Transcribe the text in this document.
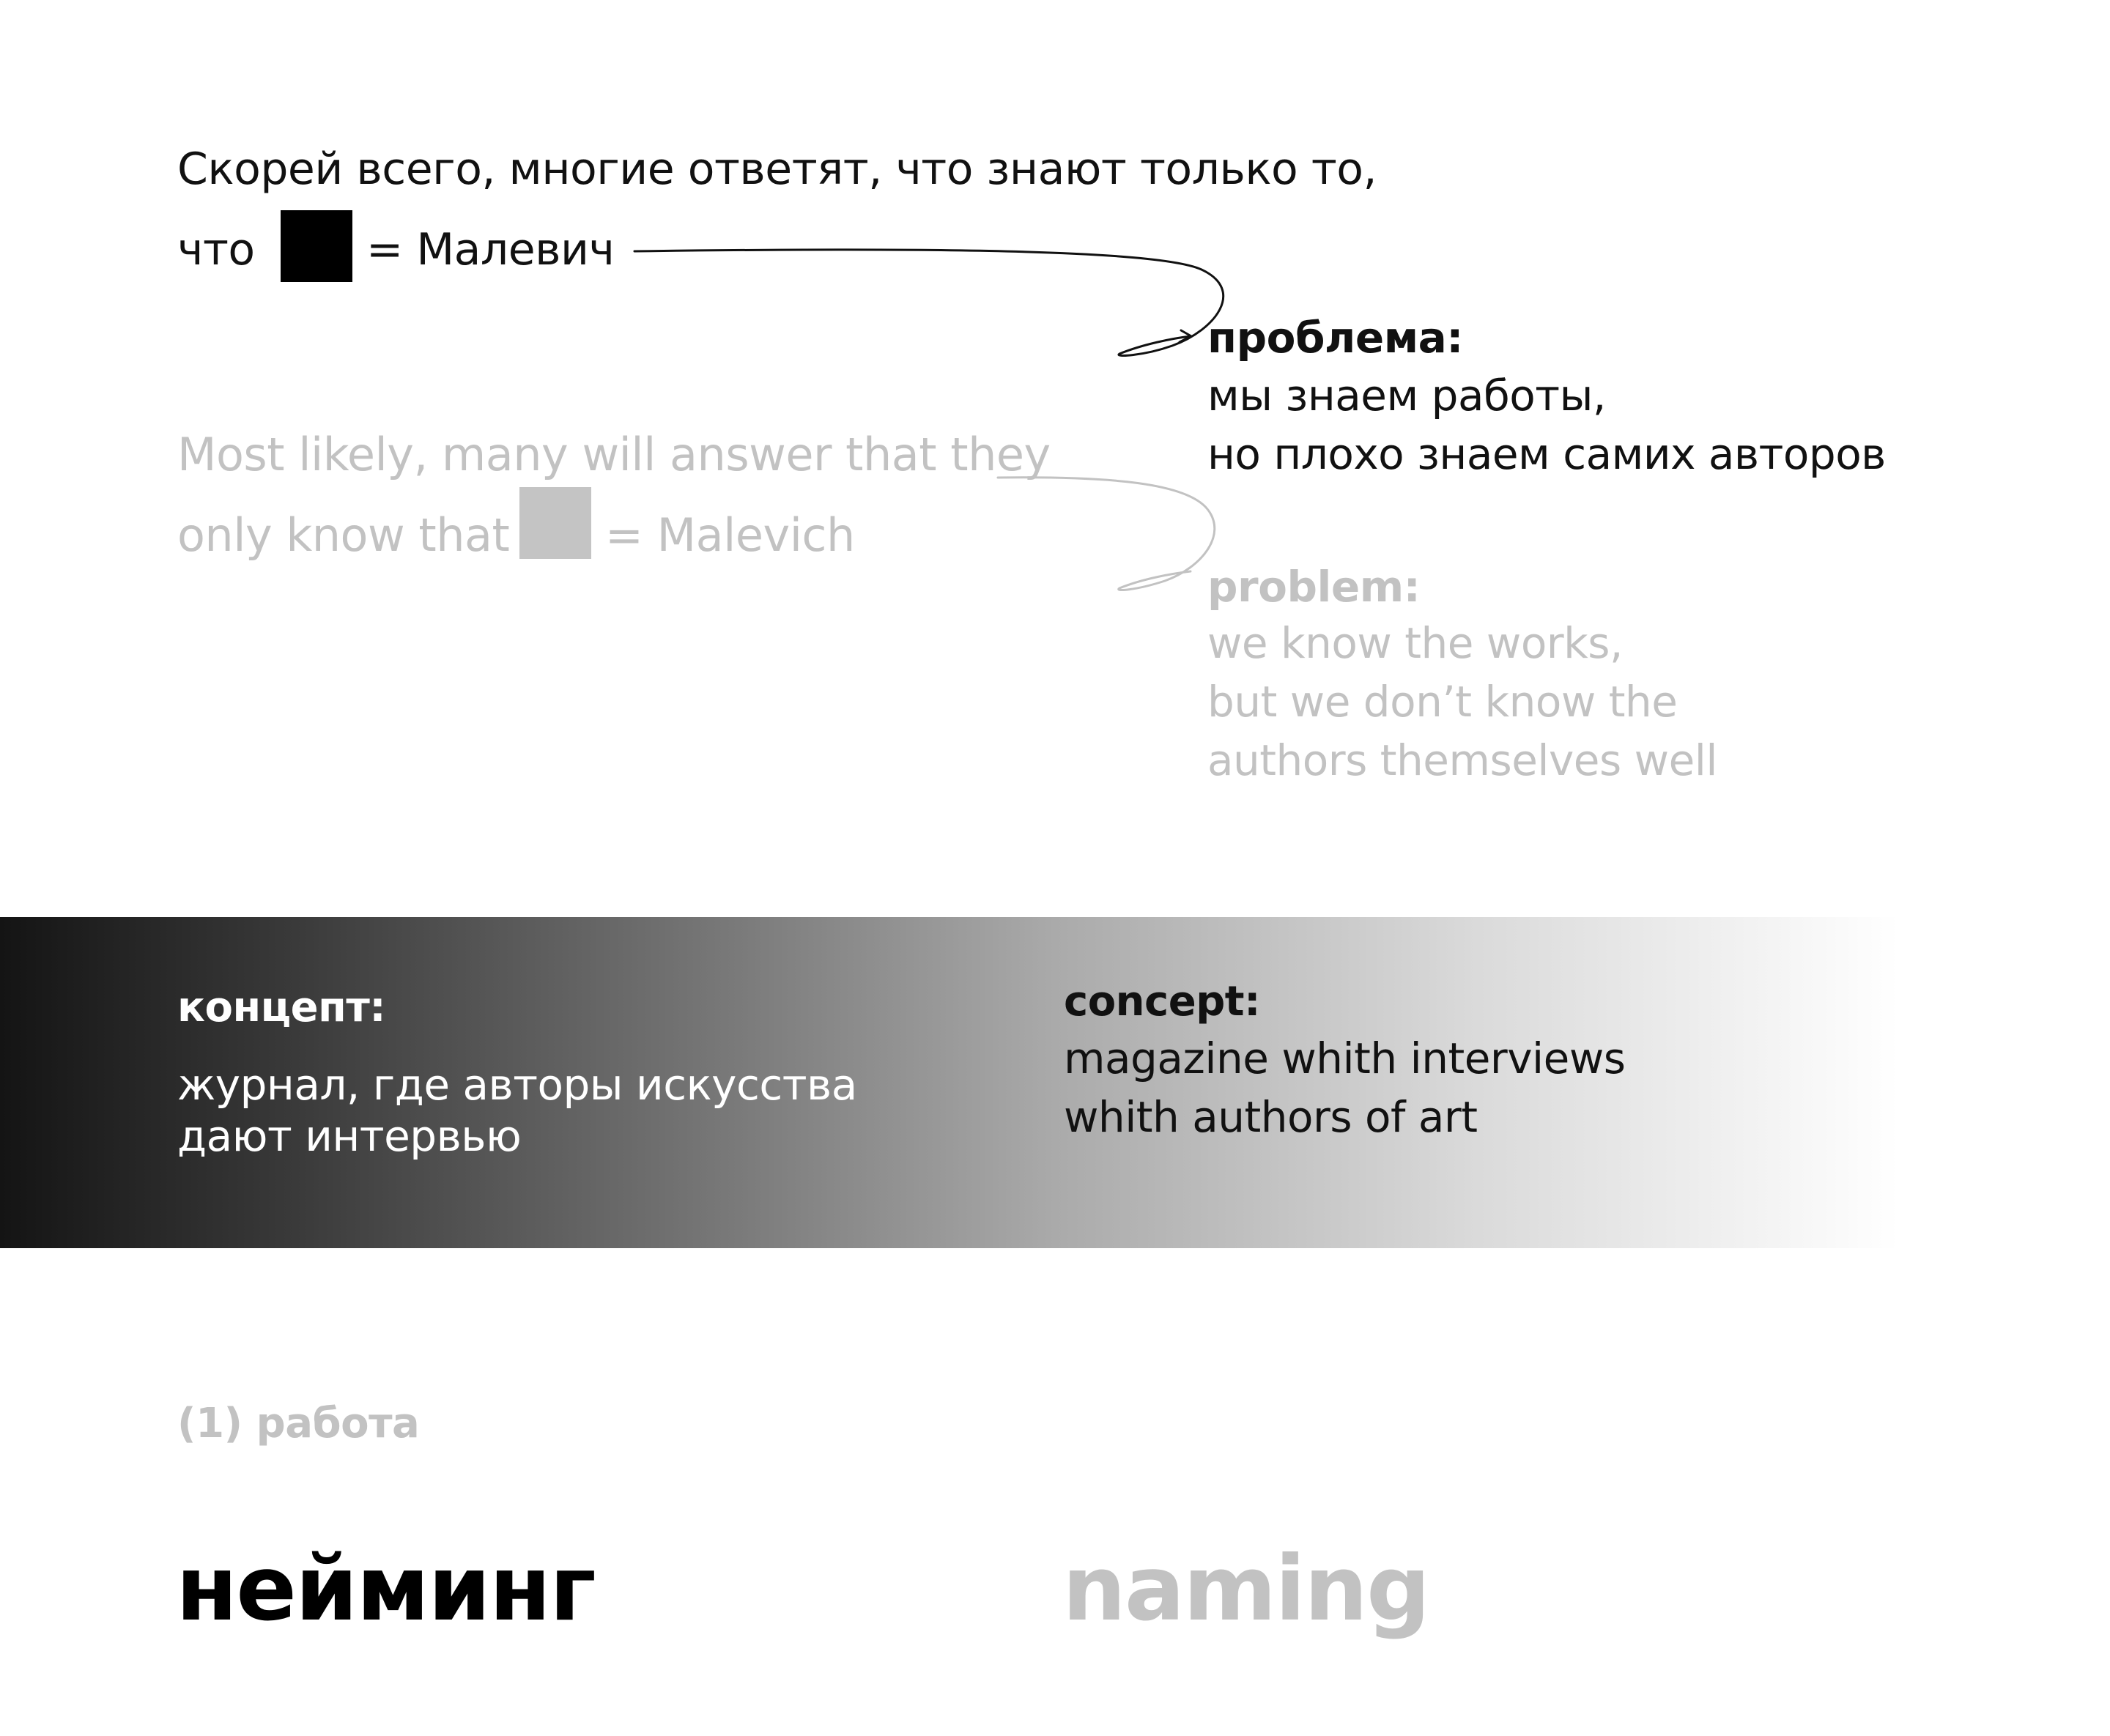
Скорей всего, многие ответят, что знают только то,
что	= Малевич
Most likely, many will answer that they
only know that = Malevich
проблема:
мы знаем работы,
но плохо знаем самих авторов
problem:
we know the works,
but we don’t know the
authors themselves well
концепт:
журнал, где авторы искусства
дают интервью
concept:
magazine whith interviews
whith authors of art
(1) работа
нейминг	naming
